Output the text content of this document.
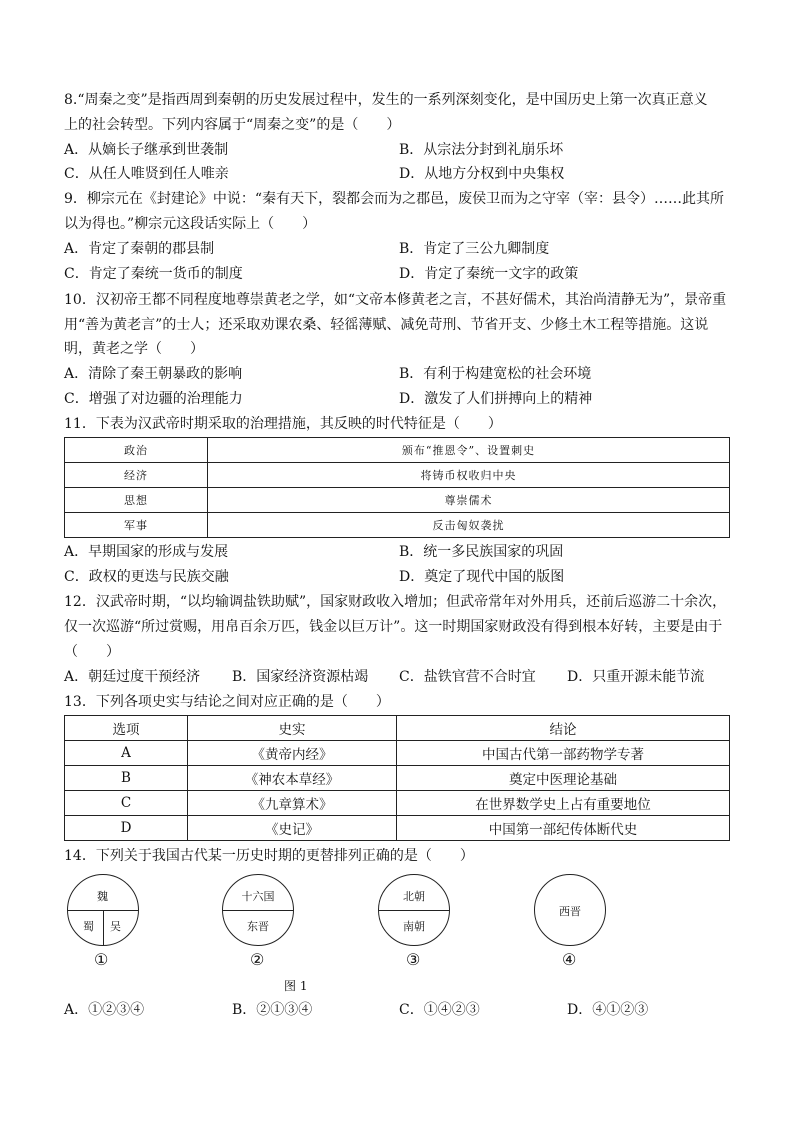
8.“周秦之变”是指西周到秦朝的历史发展过程中，发生的一系列深刻变化，是中国历史上第一次真正意义
上的社会转型。下列内容属于“周秦之变”的是（　　）
A．从嫡长子继承到世袭制	B．从宗法分封到礼崩乐坏
C．从任人唯贤到任人唯亲	D．从地方分权到中央集权
9．柳宗元在《封建论》中说：“秦有天下，裂都会而为之郡邑，废侯卫而为之守宰（宰：县令）……此其所
以为得也。”柳宗元这段话实际上（　　）
A．肯定了秦朝的郡县制	B．肯定了三公九卿制度
C．肯定了秦统一货币的制度	D．肯定了秦统一文字的政策
10．汉初帝王都不同程度地尊崇黄老之学，如“文帝本修黄老之言，不甚好儒术，其治尚清静无为”，景帝重
用“善为黄老言”的士人；还采取劝课农桑、轻徭薄赋、减免苛刑、节省开支、少修土木工程等措施。这说
明，黄老之学（　　）
A．清除了秦王朝暴政的影响	B．有利于构建宽松的社会环境
C．增强了对边疆的治理能力	D．激发了人们拼搏向上的精神
11．下表为汉武帝时期采取的治理措施，其反映的时代特征是（　　）
政治	颁布“推恩令”、设置刺史
经济	将铸币权收归中央
思想	尊崇儒术
军事	反击匈奴袭扰
A．早期国家的形成与发展	B．统一多民族国家的巩固
C．政权的更迭与民族交融	D．奠定了现代中国的版图
12．汉武帝时期，“以均输调盐铁助赋”，国家财政收入增加；但武帝常年对外用兵，还前后巡游二十余次，
仅一次巡游“所过赏赐，用帛百余万匹，钱金以巨万计”。这一时期国家财政没有得到根本好转，主要是由于
（　　）
A．朝廷过度干预经济 B．国家经济资源枯竭 C．盐铁官营不合时宜 D．只重开源未能节流
13．下列各项史实与结论之间对应正确的是（　　）
选项	史实	结论
A	《黄帝内经》	中国古代第一部药物学专著
B	《神农本草经》	奠定中医理论基础
C	《九章算术》	在世界数学史上占有重要地位
D	《史记》	中国第一部纪传体断代史
14．下列关于我国古代某一历史时期的更替排列正确的是（　　）
魏
蜀 吴
①
十六国
东晋
②
北朝
南朝
③
西晋
④
图 1
A．①②③④	B．②①③④	C．①④②③	D．④①②③
